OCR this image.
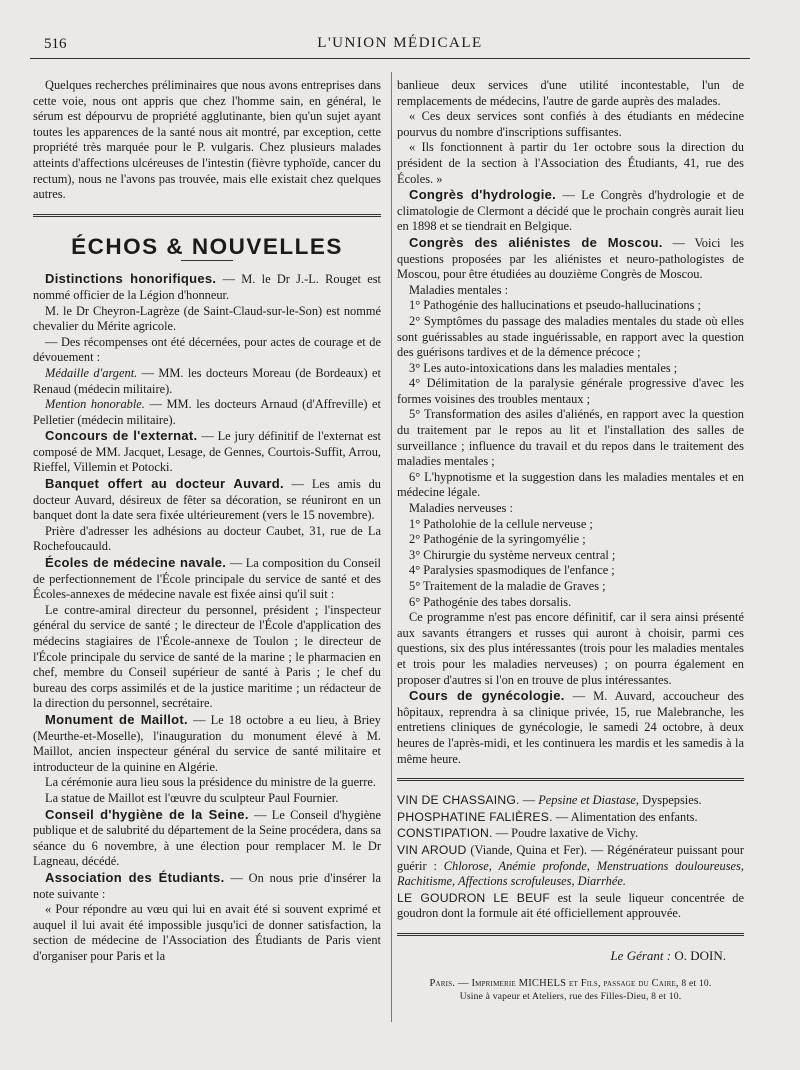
516	L'UNION MÉDICALE

Quelques recherches préliminaires que nous avons entreprises dans cette voie, nous ont appris que chez l'homme sain, en général, le sérum est dépourvu de propriété agglutinante, bien qu'un sujet ayant toutes les apparences de la santé nous ait montré, par exception, cette propriété très marquée pour le P. vulgaris. Chez plusieurs malades atteints d'affections ulcéreuses de l'intestin (fièvre typhoïde, cancer du rectum), nous ne l'avons pas trouvée, mais elle existait chez quelques autres.

ÉCHOS & NOUVELLES

Distinctions honorifiques. — M. le Dr J.-L. Rouget est nommé officier de la Légion d'honneur.

M. le Dr Cheyron-Lagrèze (de Saint-Claud-sur-le-Son) est nommé chevalier du Mérite agricole.

— Des récompenses ont été décernées, pour actes de courage et de dévouement :

Médaille d'argent. — MM. les docteurs Moreau (de Bordeaux) et Renaud (médecin militaire).

Mention honorable. — MM. les docteurs Arnaud (d'Affreville) et Pelletier (médecin militaire).

Concours de l'externat. — Le jury définitif de l'externat est composé de MM. Jacquet, Lesage, de Gennes, Courtois-Suffit, Arrou, Rieffel, Villemin et Potocki.

Banquet offert au docteur Auvard. — Les amis du docteur Auvard, désireux de fêter sa décoration, se réuniront en un banquet dont la date sera fixée ultérieurement (vers le 15 novembre).

Prière d'adresser les adhésions au docteur Caubet, 31, rue de La Rochefoucauld.

Écoles de médecine navale. — La composition du Conseil de perfectionnement de l'École principale du service de santé et des Écoles-annexes de médecine navale est fixée ainsi qu'il suit :

Le contre-amiral directeur du personnel, président ; l'inspecteur général du service de santé ; le directeur de l'École d'application des médecins stagiaires de l'École-annexe de Toulon ; le directeur de l'École principale du service de santé de la marine ; le pharmacien en chef, membre du Conseil supérieur de santé à Paris ; le chef du bureau des corps assimilés et de la justice maritime ; un rédacteur de la direction du personnel, secrétaire.

Monument de Maillot. — Le 18 octobre a eu lieu, à Briey (Meurthe-et-Moselle), l'inauguration du monument élevé à M. Maillot, ancien inspecteur général du service de santé militaire et introducteur de la quinine en Algérie.

La cérémonie aura lieu sous la présidence du ministre de la guerre.

La statue de Maillot est l'œuvre du sculpteur Paul Fournier.

Conseil d'hygiène de la Seine. — Le Conseil d'hygiène publique et de salubrité du département de la Seine procédera, dans sa séance du 6 novembre, à une élection pour remplacer M. le Dr Lagneau, décédé.

Association des Étudiants. — On nous prie d'insérer la note suivante :

« Pour répondre au vœu qui lui en avait été si souvent exprimé et auquel il lui avait été impossible jusqu'ici de donner satisfaction, la section de médecine de l'Association des Étudiants de Paris vient d'organiser pour Paris et la

banlieue deux services d'une utilité incontestable, l'un de remplacements de médecins, l'autre de garde auprès des malades.

« Ces deux services sont confiés à des étudiants en médecine pourvus du nombre d'inscriptions suffisantes.

« Ils fonctionnent à partir du 1er octobre sous la direction du président de la section à l'Association des Étudiants, 41, rue des Écoles. »

Congrès d'hydrologie. — Le Congrès d'hydrologie et de climatologie de Clermont a décidé que le prochain congrès aurait lieu en 1898 et se tiendrait en Belgique.

Congrès des aliénistes de Moscou. — Voici les questions proposées par les aliénistes et neuro-pathologistes de Moscou, pour être étudiées au douzième Congrès de Moscou.

Maladies mentales :

1° Pathogénie des hallucinations et pseudo-hallucinations ;

2° Symptômes du passage des maladies mentales du stade où elles sont guérissables au stade inguérissable, en rapport avec la question des guérisons tardives et de la démence précoce ;

3° Les auto-intoxications dans les maladies mentales ;

4° Délimitation de la paralysie générale progressive d'avec les formes voisines des troubles mentaux ;

5° Transformation des asiles d'aliénés, en rapport avec la question du traitement par le repos au lit et l'installation des salles de surveillance ; influence du travail et du repos dans le traitement des maladies mentales ;

6° L'hypnotisme et la suggestion dans les maladies mentales et en médecine légale.

Maladies nerveuses :

1° Patholohie de la cellule nerveuse ;

2° Pathogénie de la syringomyélie ;

3° Chirurgie du système nerveux central ;

4° Paralysies spasmodiques de l'enfance ;

5° Traitement de la maladie de Graves ;

6° Pathogénie des tabes dorsalis.

Ce programme n'est pas encore définitif, car il sera ainsi présenté aux savants étrangers et russes qui auront à choisir, parmi ces questions, six des plus intéressantes (trois pour les maladies mentales et trois pour les maladies nerveuses) ; on pourra également en proposer d'autres si l'on en trouve de plus intéressantes.

Cours de gynécologie. — M. Auvard, accoucheur des hôpitaux, reprendra à sa clinique privée, 15, rue Malebranche, les entretiens cliniques de gynécologie, le samedi 24 octobre, à deux heures de l'après-midi, et les continuera les mardis et les samedis à la même heure.

VIN DE CHASSAING. — Pepsine et Diastase, Dyspepsies.

PHOSPHATINE FALIÈRES. — Alimentation des enfants.

CONSTIPATION. — Poudre laxative de Vichy.

VIN AROUD (Viande, Quina et Fer). — Régénérateur puissant pour guérir : Chlorose, Anémie profonde, Menstruations douloureuses, Rachitisme, Affections scrofuleuses, Diarrhée.

LE GOUDRON LE BEUF est la seule liqueur concentrée de goudron dont la formule ait été officiellement approuvée.

Le Gérant : O. DOIN.
Paris. — Imprimerie MICHELS et Fils, passage du Caire, 8 et 10.
Usine à vapeur et Ateliers, rue des Filles-Dieu, 8 et 10.
